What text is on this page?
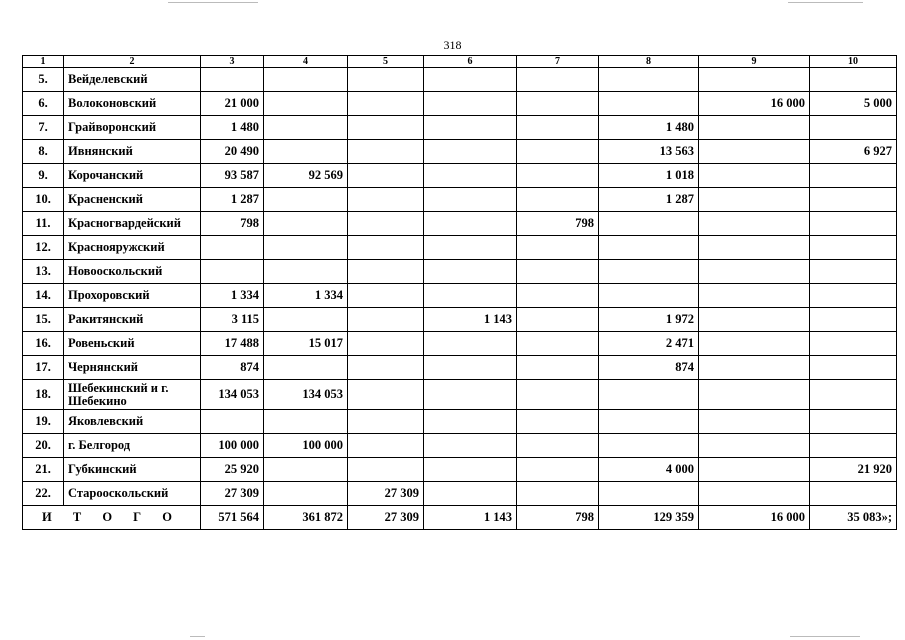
318
1	2	3	4	5	6	7	8	9	10
5.	Вейделевский								
6.	Волоконовский	21 000						16 000	5 000
7.	Грайворонский	1 480					1 480		
8.	Ивнянский	20 490					13 563		6 927
9.	Корочанский	93 587	92 569				1 018		
10.	Красненский	1 287					1 287		
11.	Красногвардейский	798				798			
12.	Краснояружский								
13.	Новооскольский								
14.	Прохоровский	1 334	1 334						
15.	Ракитянский	3 115			1 143		1 972		
16.	Ровеньский	17 488	15 017				2 471		
17.	Чернянский	874					874		
18.	Шебекинский и г. Шебекино	134 053	134 053						
19.	Яковлевский								
20.	г. Белгород	100 000	100 000						
21.	Губкинский	25 920					4 000		21 920
22.	Старооскольский	27 309		27 309					
И Т О Г О		571 564	361 872	27 309	1 143	798	129 359	16 000	35 083»;
